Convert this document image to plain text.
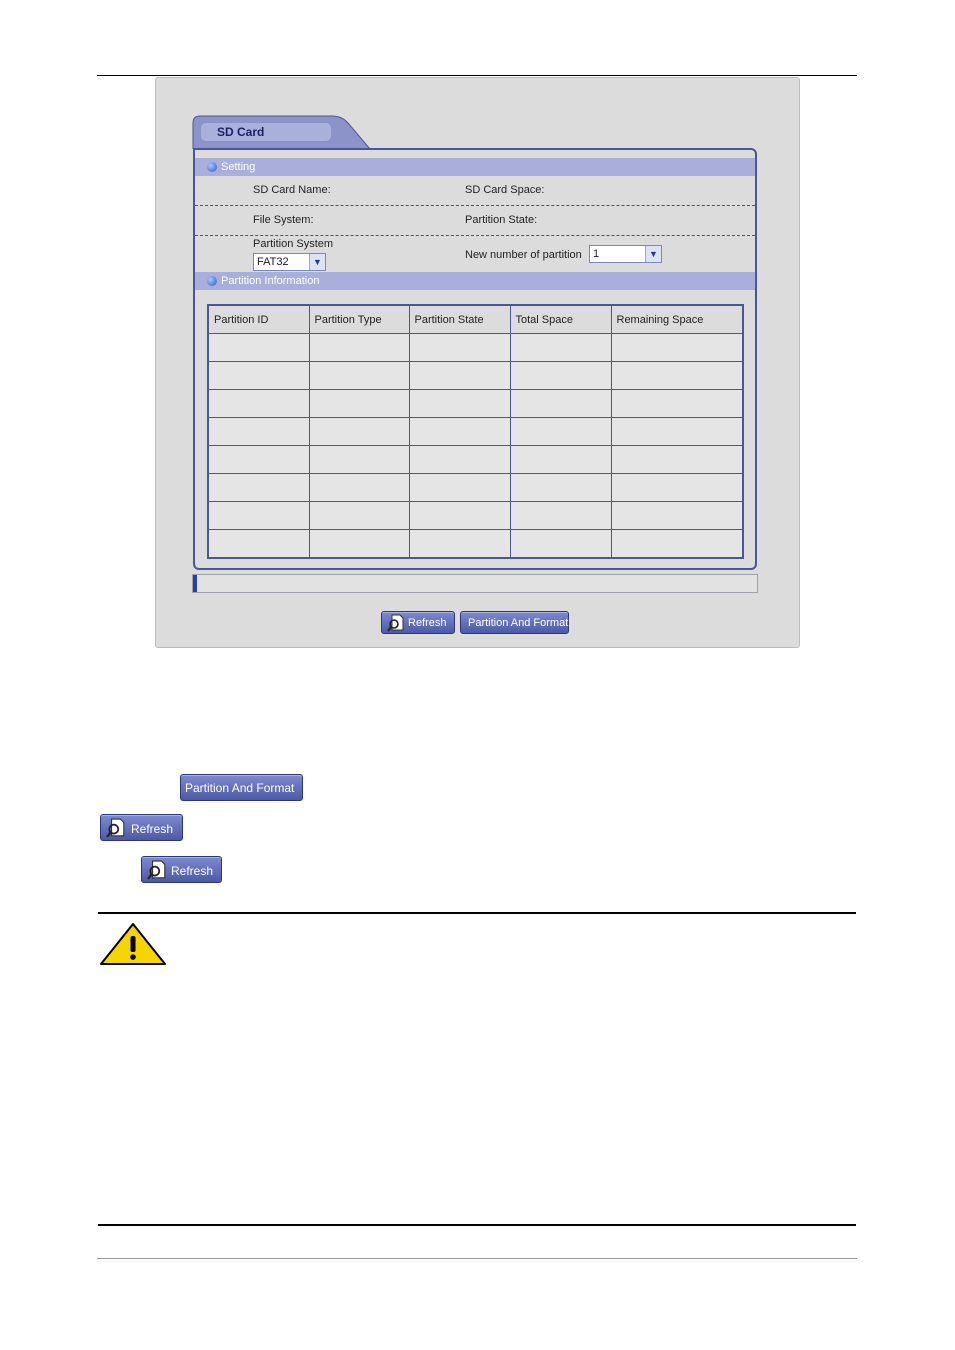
SD Card
Setting
SD Card Name:	SD Card Space:
File System:	Partition State:
Partition System
FAT32	▼
New number of partition 1	▼
Partition Information
Partition ID	Partition Type	Partition State	Total Space	Remaining Space

Refresh Partition And Format
Partition And Format
Refresh
Refresh
